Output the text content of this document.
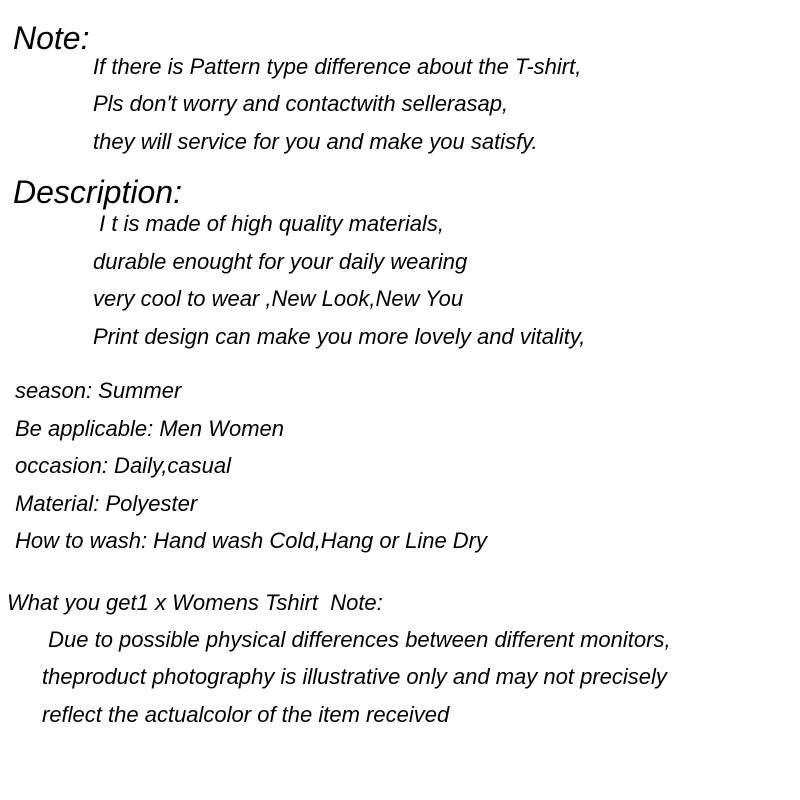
Note:
If there is Pattern type difference about the T-shirt,
Pls don't worry and contactwith sellerasap,
they will service for you and make you satisfy.
Description:
I t is made of high quality materials,
durable enought for your daily wearing
very cool to wear ,New Look,New You
Print design can make you more lovely and vitality,
season: Summer
Be applicable: Men Women
occasion: Daily,casual
Material: Polyester
How to wash: Hand wash Cold,Hang or Line Dry
What you get1 x Womens Tshirt  Note:
Due to possible physical differences between different monitors,
theproduct photography is illustrative only and may not precisely
reflect the actualcolor of the item received
